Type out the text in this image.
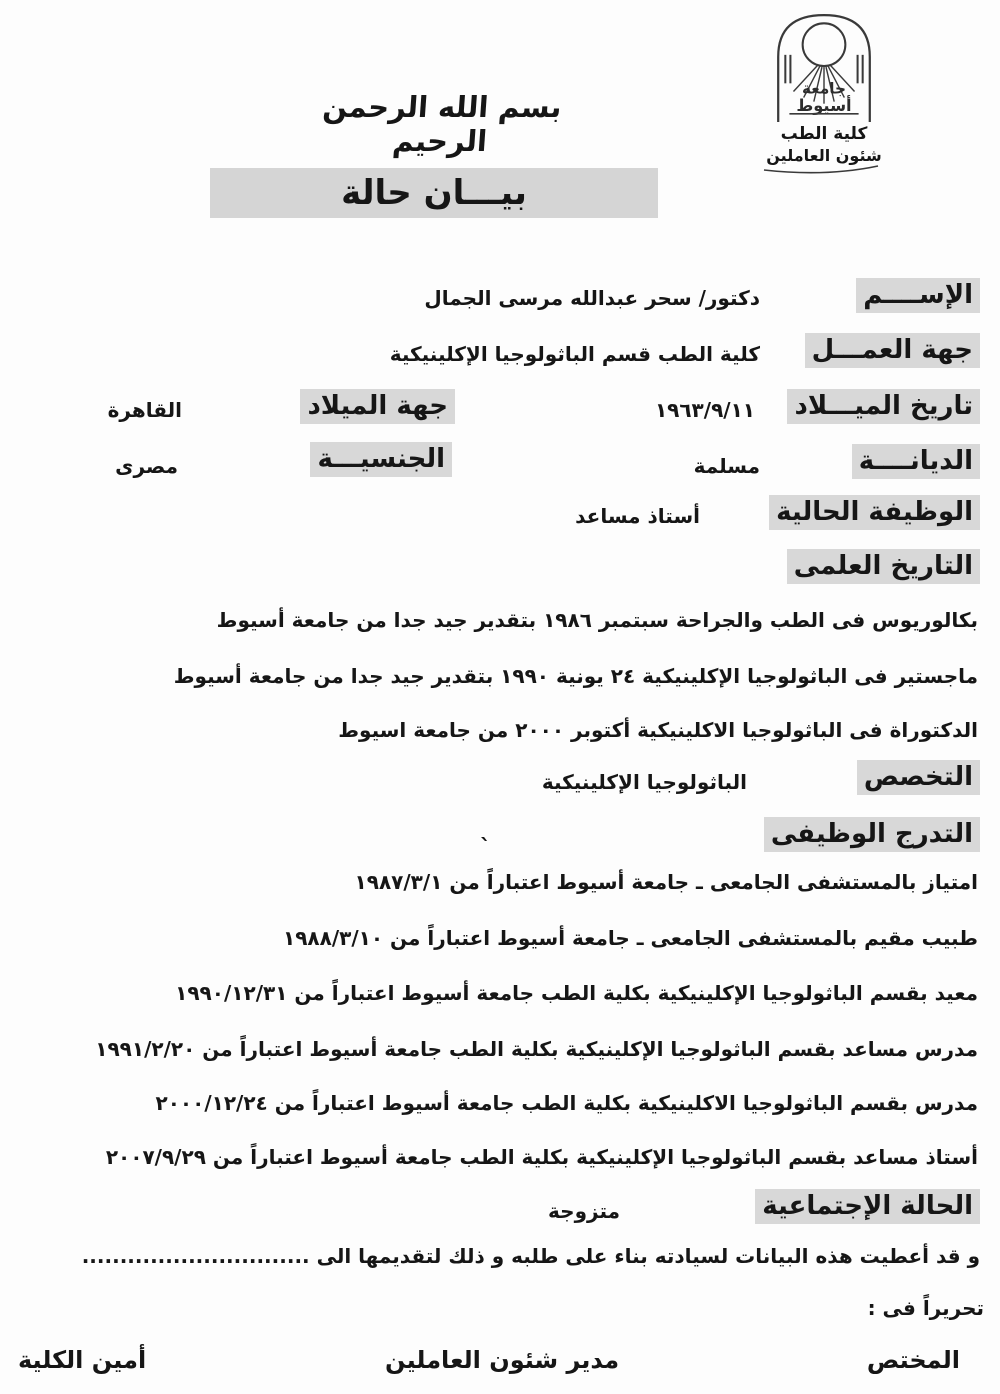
جامعة
أسيوط
كلية الطب
شئون العاملين
بسم الله الرحمن الرحيم
بيـــان حالة
الإســــم
دكتور/ سحر عبدالله مرسى الجمال
جهة العمـــل
كلية الطب قسم الباثولوجيا الإكلينيكية
تاريخ الميـــلاد
١٩٦٣/٩/١١
جهة الميلاد
القاهرة
الديانــــة
مسلمة
الجنسيـــة
مصرى
الوظيفة الحالية
أستاذ مساعد
التاريخ العلمى
بكالوريوس فى الطب والجراحة سبتمبر ١٩٨٦ بتقدير جيد جدا من جامعة أسيوط
ماجستير فى الباثولوجيا الإكلينيكية ٢٤ يونية ١٩٩٠ بتقدير جيد جدا من جامعة أسيوط
الدكتوراة فى الباثولوجيا الاكلينيكية أكتوبر ٢٠٠٠ من جامعة اسيوط
التخصص
الباثولوجيا الإكلينيكية
التدرج الوظيفى
`
امتياز بالمستشفى الجامعى ـ جامعة أسيوط اعتباراً من ١٩٨٧/٣/١
طبيب مقيم بالمستشفى الجامعى ـ جامعة أسيوط اعتباراً من ١٩٨٨/٣/١٠
معيد بقسم الباثولوجيا الإكلينيكية بكلية الطب جامعة أسيوط اعتباراً من ١٩٩٠/١٢/٣١
مدرس مساعد بقسم الباثولوجيا الإكلينيكية بكلية الطب جامعة أسيوط اعتباراً من ١٩٩١/٢/٢٠
مدرس بقسم الباثولوجيا الاكلينيكية بكلية الطب جامعة أسيوط اعتباراً من ٢٠٠٠/١٢/٢٤
أستاذ مساعد بقسم الباثولوجيا الإكلينيكية بكلية الطب جامعة أسيوط اعتباراً من ٢٠٠٧/٩/٢٩
الحالة الإجتماعية
متزوجة
و قد أعطيت هذه البيانات لسيادته بناء على طلبه و ذلك لتقديمها الى ..............................
تحريراً فى :
المختص
مدير شئون العاملين
أمين الكلية
